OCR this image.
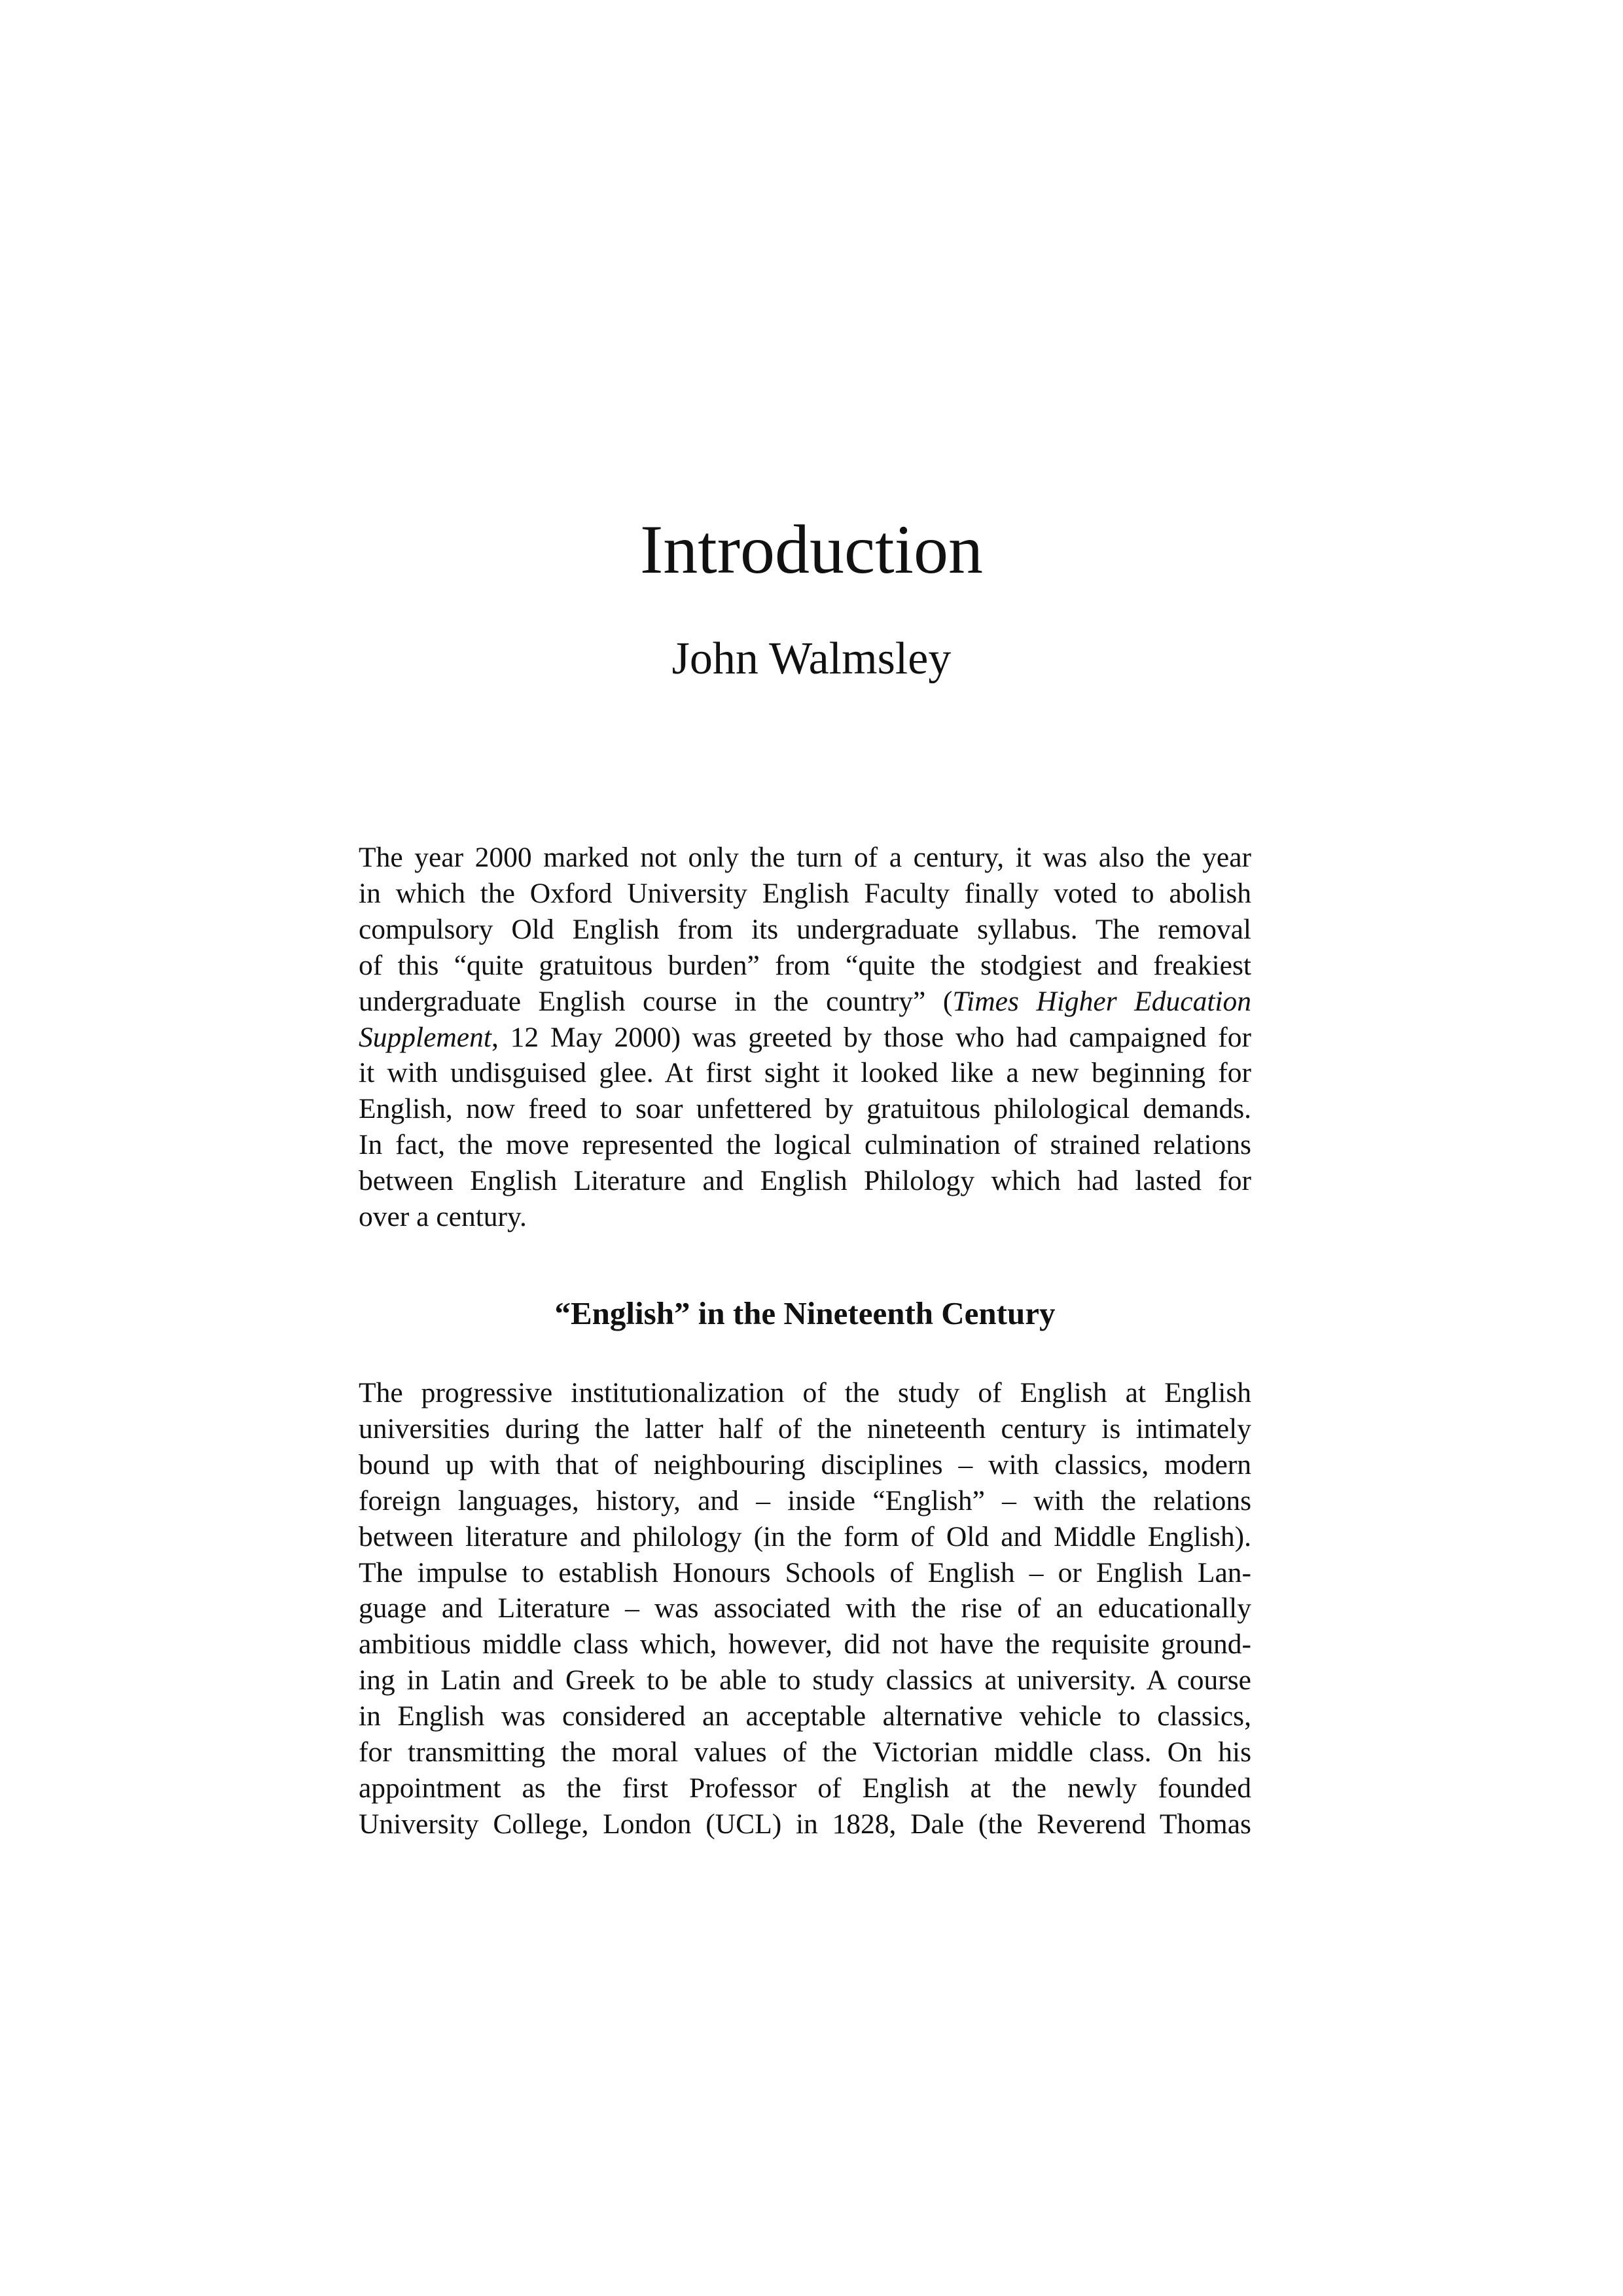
Introduction
John Walmsley
The year 2000 marked not only the turn of a century, it was also the year
in which the Oxford University English Faculty finally voted to abolish
compulsory Old English from its undergraduate syllabus. The removal
of this “quite gratuitous burden” from “quite the stodgiest and freakiest
undergraduate English course in the country” (Times Higher Education
Supplement, 12 May 2000) was greeted by those who had campaigned for
it with undisguised glee. At first sight it looked like a new beginning for
English, now freed to soar unfettered by gratuitous philological demands.
In fact, the move represented the logical culmination of strained relations
between English Literature and English Philology which had lasted for
over a century.
“English” in the Nineteenth Century
The progressive institutionalization of the study of English at English
universities during the latter half of the nineteenth century is intimately
bound up with that of neighbouring disciplines – with classics, modern
foreign languages, history, and – inside “English” – with the relations
between literature and philology (in the form of Old and Middle English).
The impulse to establish Honours Schools of English – or English Lan-
guage and Literature – was associated with the rise of an educationally
ambitious middle class which, however, did not have the requisite ground-
ing in Latin and Greek to be able to study classics at university. A course
in English was considered an acceptable alternative vehicle to classics,
for transmitting the moral values of the Victorian middle class. On his
appointment as the first Professor of English at the newly founded
University College, London (UCL) in 1828, Dale (the Reverend Thomas
